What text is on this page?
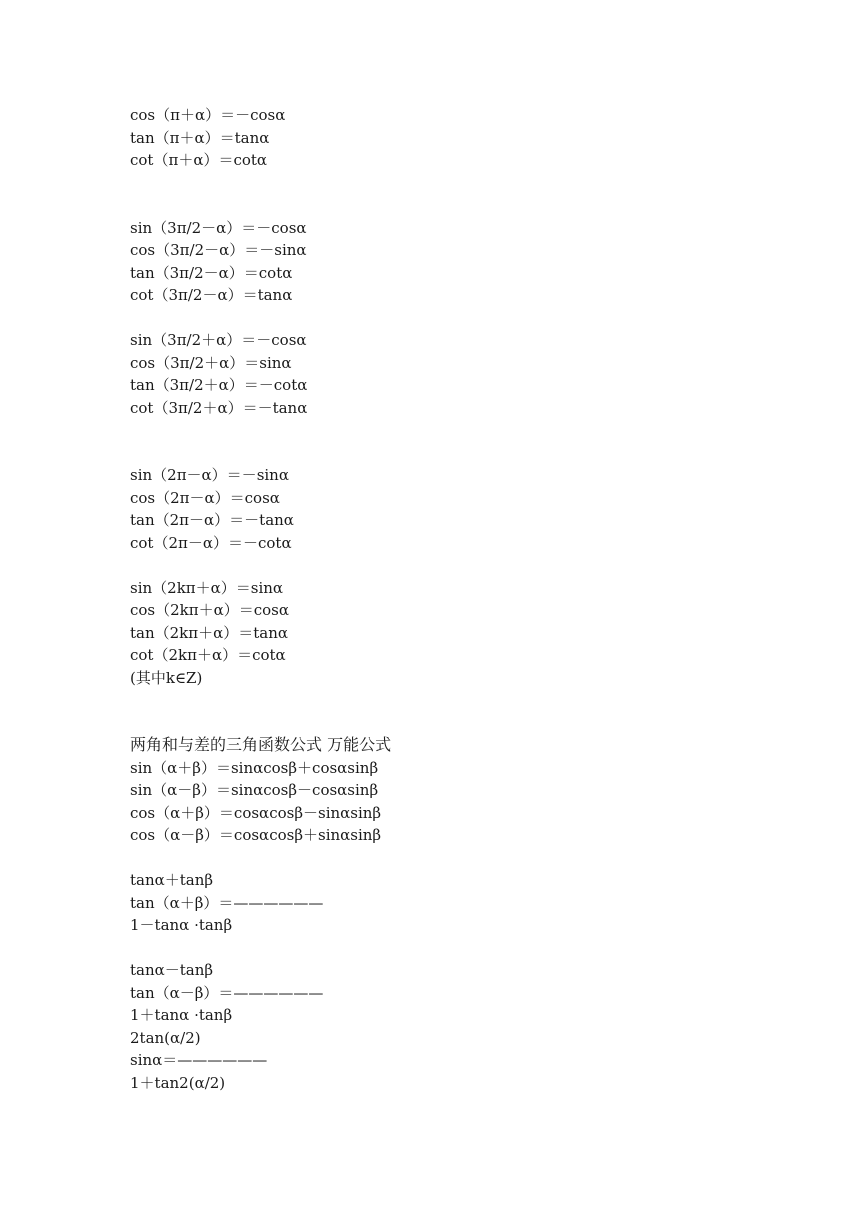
cos（π＋α）＝－cosα
tan（π＋α）＝tanα
cot（π＋α）＝cotα
sin（3π/2－α）＝－cosα
cos（3π/2－α）＝－sinα
tan（3π/2－α）＝cotα
cot（3π/2－α）＝tanα
sin（3π/2＋α）＝－cosα
cos（3π/2＋α）＝sinα
tan（3π/2＋α）＝－cotα
cot（3π/2＋α）＝－tanα
sin（2π－α）＝－sinα
cos（2π－α）＝cosα
tan（2π－α）＝－tanα
cot（2π－α）＝－cotα
sin（2kπ＋α）＝sinα
cos（2kπ＋α）＝cosα
tan（2kπ＋α）＝tanα
cot（2kπ＋α）＝cotα
(其中k∈Z)
两角和与差的三角函数公式 万能公式
sin（α＋β）＝sinαcosβ＋cosαsinβ
sin（α－β）＝sinαcosβ－cosαsinβ
cos（α＋β）＝cosαcosβ－sinαsinβ
cos（α－β）＝cosαcosβ＋sinαsinβ
tanα＋tanβ
tan（α＋β）＝——————
1－tanα ·tanβ
tanα－tanβ
tan（α－β）＝——————
1＋tanα ·tanβ
2tan(α/2)
sinα＝——————
1＋tan2(α/2)
